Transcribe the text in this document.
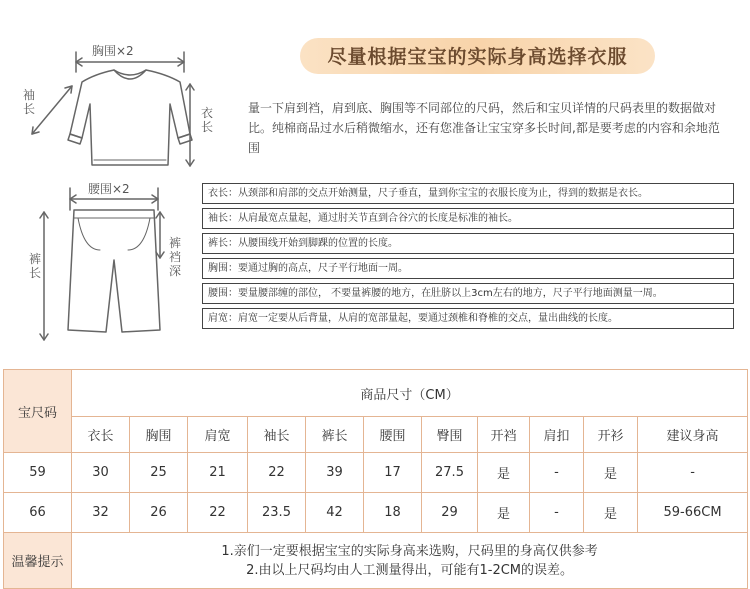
胸围×2
袖长	衣长
腰围×2
裤长
裤裆深
尽量根据宝宝的实际身高选择衣服
量一下肩到裆，肩到底、胸围等不同部位的尺码，然后和宝贝详情的尺码表里的数据做对比。纯棉商品过水后稍微缩水，还有您准备让宝宝穿多长时间,都是要考虑的内容和余地范围
衣长：从颈部和肩部的交点开始测量，尺子垂直，量到你宝宝的衣服长度为止，得到的数据是衣长。
袖长：从肩最宽点量起，通过肘关节直到合谷穴的长度是标准的袖长。
裤长：从腰围线开始到脚踝的位置的长度。
胸围：要通过胸的高点，尺子平行地面一周。
腰围：要量腰部缠的部位， 不要量裤腰的地方，在肚脐以上3cm左右的地方，尺子平行地面测量一周。
肩宽：肩宽一定要从后背量，从肩的宽部量起，要通过颈椎和脊椎的交点，量出曲线的长度。
宝尺码	商品尺寸（CM）										
	衣长	胸围	肩宽	袖长	裤长	腰围	臀围	开裆	肩扣	开衫	建议身高
59	30	25	21	22	39	17	27.5	是	-	是	-
66	32	26	22	23.5	42	18	29	是	-	是	59-66CM
温馨提示	1.亲们一定要根据宝宝的实际身高来选购，尺码里的身高仅供参考
2.由以上尺码均由人工测量得出，可能有1-2CM的误差。										
